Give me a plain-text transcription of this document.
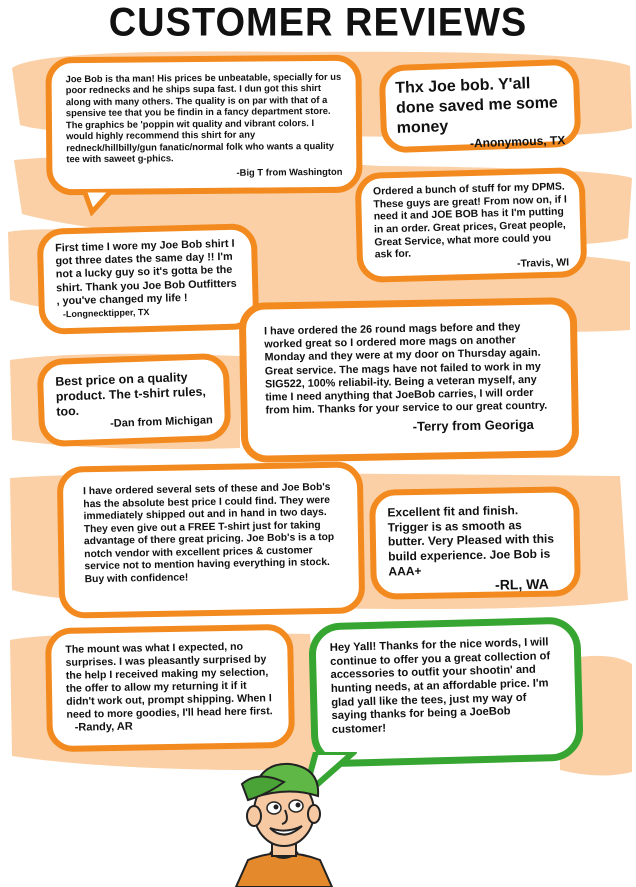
CUSTOMER REVIEWS
Joe Bob is tha man! His prices be unbeatable, specially for us poor rednecks and he ships supa fast. I dun got this shirt along with many others. The quality is on par with that of a spensive tee that you be findin in a fancy department store. The graphics be 'poppin wit quality and vibrant colors. I would highly recommend this shirt for any redneck/hillbilly/gun fanatic/normal folk who wants a quality tee with saweet g-phics.
-Big T from Washington
Thx Joe bob. Y'all done saved me some money
-Anonymous, TX
Ordered a bunch of stuff for my DPMS. These guys are great! From now on, if I need it and JOE BOB has it I'm putting in an order. Great prices, Great people, Great Service, what more could you ask for.
-Travis, WI
First time I wore my Joe Bob shirt I got three dates the same day !! I'm not a lucky guy so it's gotta be the shirt. Thank you Joe Bob Outfitters , you've changed my life ! -Longnecktipper, TX
I have ordered the 26 round mags before and they worked great so I ordered more mags on another Monday and they were at my door on Thursday again. Great service. The mags have not failed to work in my SIG522, 100% reliabil-ity. Being a veteran myself, any time I need anything that JoeBob carries, I will order from him. Thanks for your service to our great country.
-Terry from Georiga
Best price on a quality product. The t-shirt rules, too.
-Dan from Michigan
I have ordered several sets of these and Joe Bob's has the absolute best price I could find. They were immediately shipped out and in hand in two days. They even give out a FREE T-shirt just for taking advantage of there great pricing. Joe Bob's is a top notch vendor with excellent prices & customer service not to mention having everything in stock. Buy with confidence!
Excellent fit and finish. Trigger is as smooth as butter. Very Pleased with this build experience. Joe Bob is AAA+
-RL, WA
The mount was what I expected, no surprises. I was pleasantly surprised by the help I received making my selection, the offer to allow my returning it if it didn't work out, prompt shipping. When I need to more goodies, I'll head here first. -Randy, AR
Hey Yall! Thanks for the nice words, I will continue to offer you a great collection of accessories to outfit your shootin' and hunting needs, at an affordable price. I'm glad yall like the tees, just my way of saying thanks for being a JoeBob customer!
